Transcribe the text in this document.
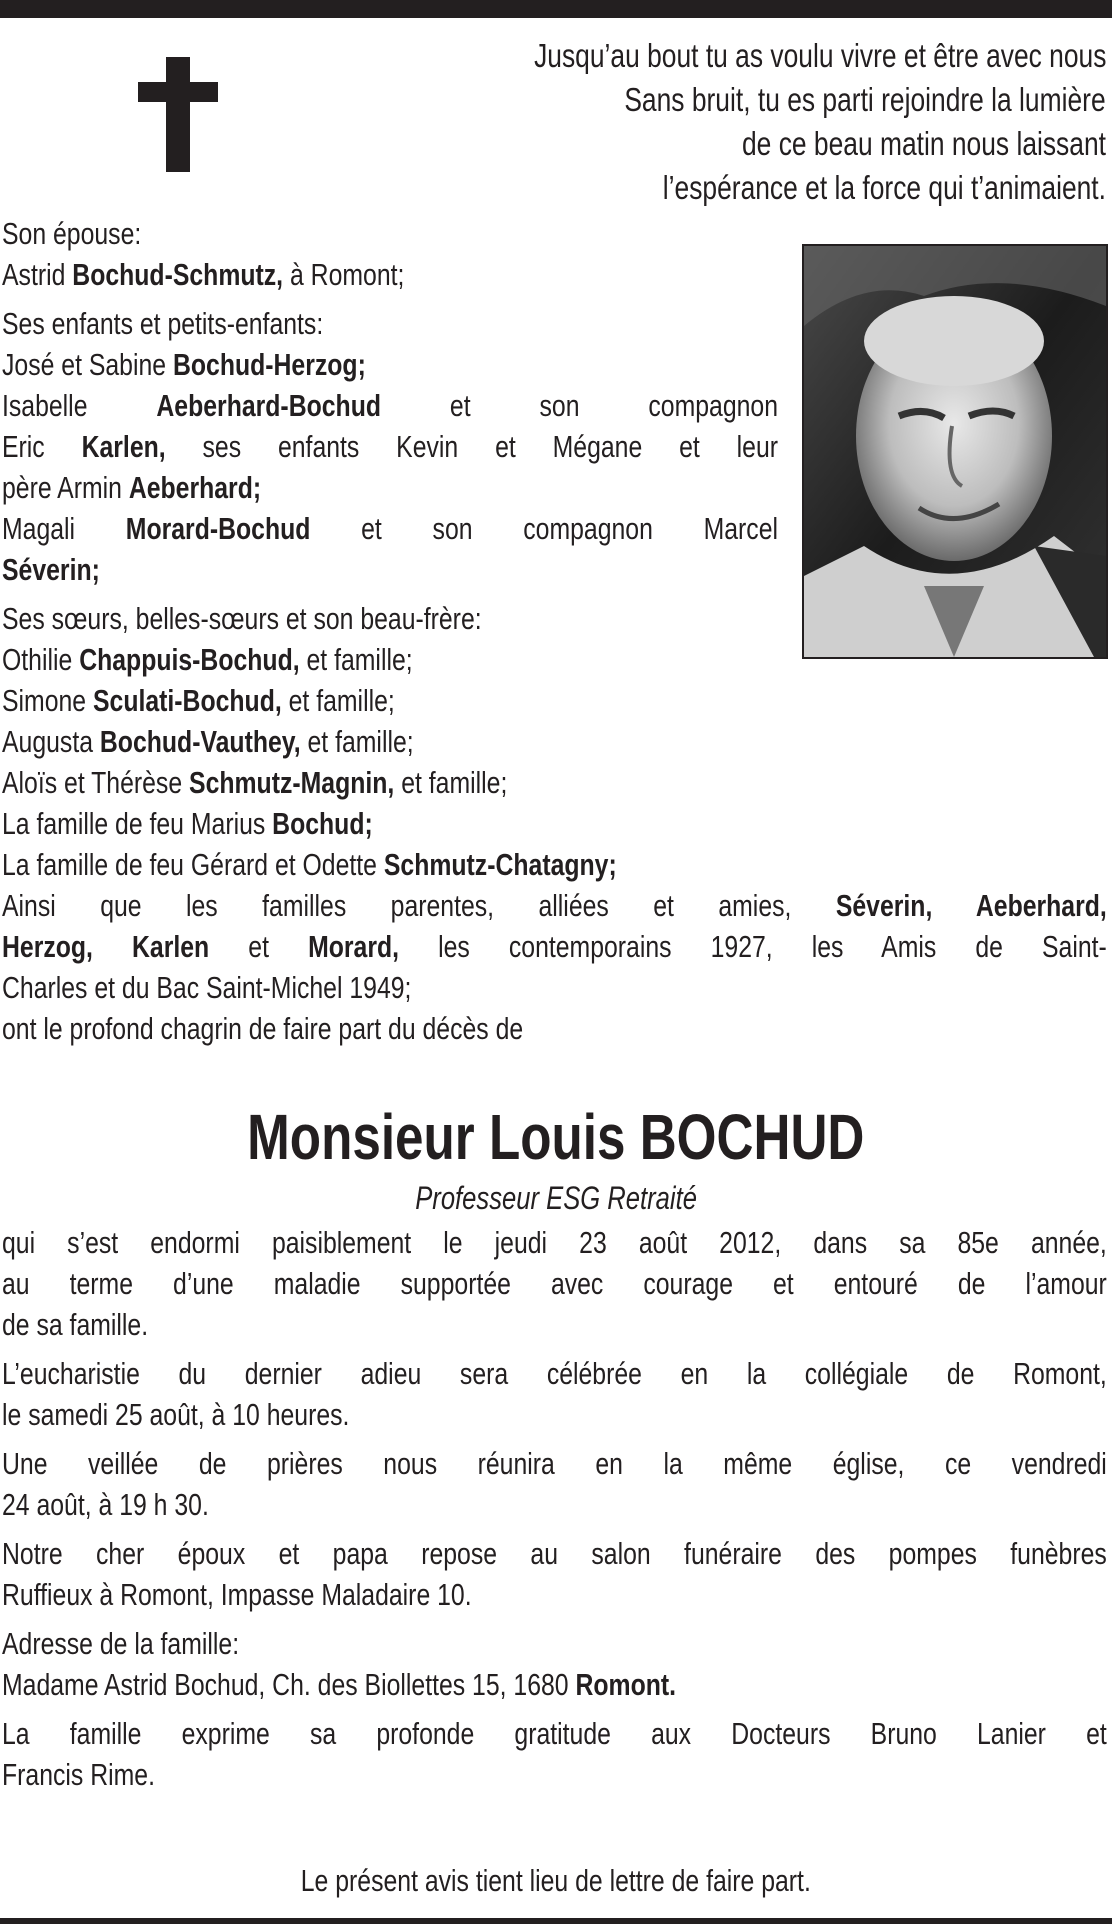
Jusqu’au bout tu as voulu vivre et être avec nous
Sans bruit, tu es parti rejoindre la lumière
de ce beau matin nous laissant
l’espérance et la force qui t’animaient.
Son épouse:
Astrid Bochud-Schmutz, à Romont;
Ses enfants et petits-enfants:
José et Sabine Bochud-Herzog;
Isabelle Aeberhard-Bochud et son compagnon
Eric Karlen, ses enfants Kevin et Mégane et leur
père Armin Aeberhard;
Magali Morard-Bochud et son compagnon Marcel
Séverin;
Ses sœurs, belles-sœurs et son beau-frère:
Othilie Chappuis-Bochud, et famille;
Simone Sculati-Bochud, et famille;
Augusta Bochud-Vauthey, et famille;
Aloïs et Thérèse Schmutz-Magnin, et famille;
La famille de feu Marius Bochud;
La famille de feu Gérard et Odette Schmutz-Chatagny;
Ainsi que les familles parentes, alliées et amies, Séverin, Aeberhard,
Herzog, Karlen et Morard, les contemporains 1927, les Amis de Saint-
Charles et du Bac Saint-Michel 1949;
ont le profond chagrin de faire part du décès de
Monsieur Louis BOCHUD
Professeur ESG Retraité
qui s’est endormi paisiblement le jeudi 23 août 2012, dans sa 85e année,
au terme d’une maladie supportée avec courage et entouré de l’amour
de sa famille.
L’eucharistie du dernier adieu sera célébrée en la collégiale de Romont,
le samedi 25 août, à 10 heures.
Une veillée de prières nous réunira en la même église, ce vendredi
24 août, à 19 h 30.
Notre cher époux et papa repose au salon funéraire des pompes funèbres
Ruffieux à Romont, Impasse Maladaire 10.
Adresse de la famille:
Madame Astrid Bochud, Ch. des Biollettes 15, 1680 Romont.
La famille exprime sa profonde gratitude aux Docteurs Bruno Lanier et
Francis Rime.
Le présent avis tient lieu de lettre de faire part.
